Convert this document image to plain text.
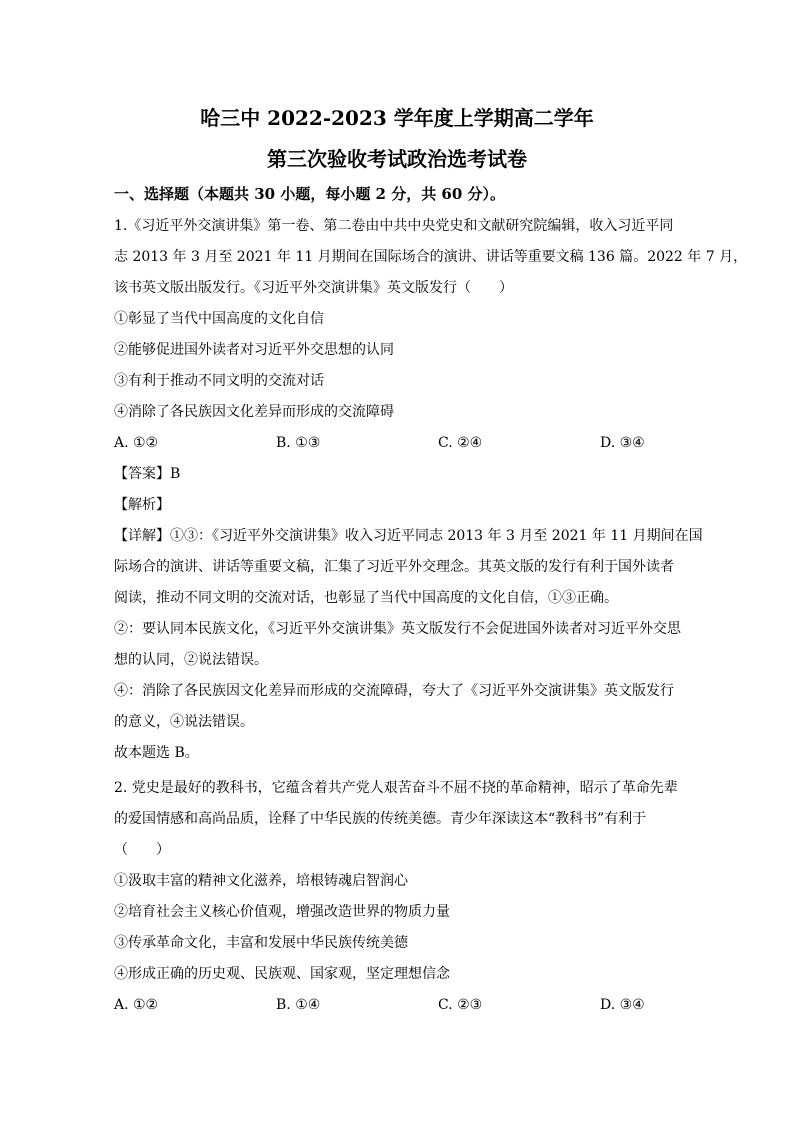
哈三中 2022-2023 学年度上学期高二学年
第三次验收考试政治选考试卷
一、选择题（本题共 30 小题，每小题 2 分，共 60 分）。
1.《习近平外交演讲集》第一卷、第二卷由中共中央党史和文献研究院编辑，收入习近平同
志 2013 年 3 月至 2021 年 11 月期间在国际场合的演讲、讲话等重要文稿 136 篇。2022 年 7 月，
该书英文版出版发行。《习近平外交演讲集》英文版发行（　　）
①彰显了当代中国高度的文化自信
②能够促进国外读者对习近平外交思想的认同
③有利于推动不同文明的交流对话
④消除了各民族因文化差异而形成的交流障碍
A. ①②	B. ①③	C. ②④	D. ③④
【答案】B
【解析】
【详解】①③：《习近平外交演讲集》收入习近平同志 2013 年 3 月至 2021 年 11 月期间在国
际场合的演讲、讲话等重要文稿，汇集了习近平外交理念。其英文版的发行有利于国外读者
阅读，推动不同文明的交流对话，也彰显了当代中国高度的文化自信，①③正确。
②：要认同本民族文化，《习近平外交演讲集》英文版发行不会促进国外读者对习近平外交思
想的认同，②说法错误。
④：消除了各民族因文化差异而形成的交流障碍，夸大了《习近平外交演讲集》英文版发行
的意义，④说法错误。
故本题选 B。
2. 党史是最好的教科书，它蕴含着共产党人艰苦奋斗不屈不挠的革命精神，昭示了革命先辈
的爱国情感和高尚品质，诠释了中华民族的传统美德。青少年深读这本“教科书”有利于
（　　）
①汲取丰富的精神文化滋养，培根铸魂启智润心
②培育社会主义核心价值观，增强改造世界的物质力量
③传承革命文化，丰富和发展中华民族传统美德
④形成正确的历史观、民族观、国家观，坚定理想信念
A. ①②	B. ①④	C. ②③	D. ③④
